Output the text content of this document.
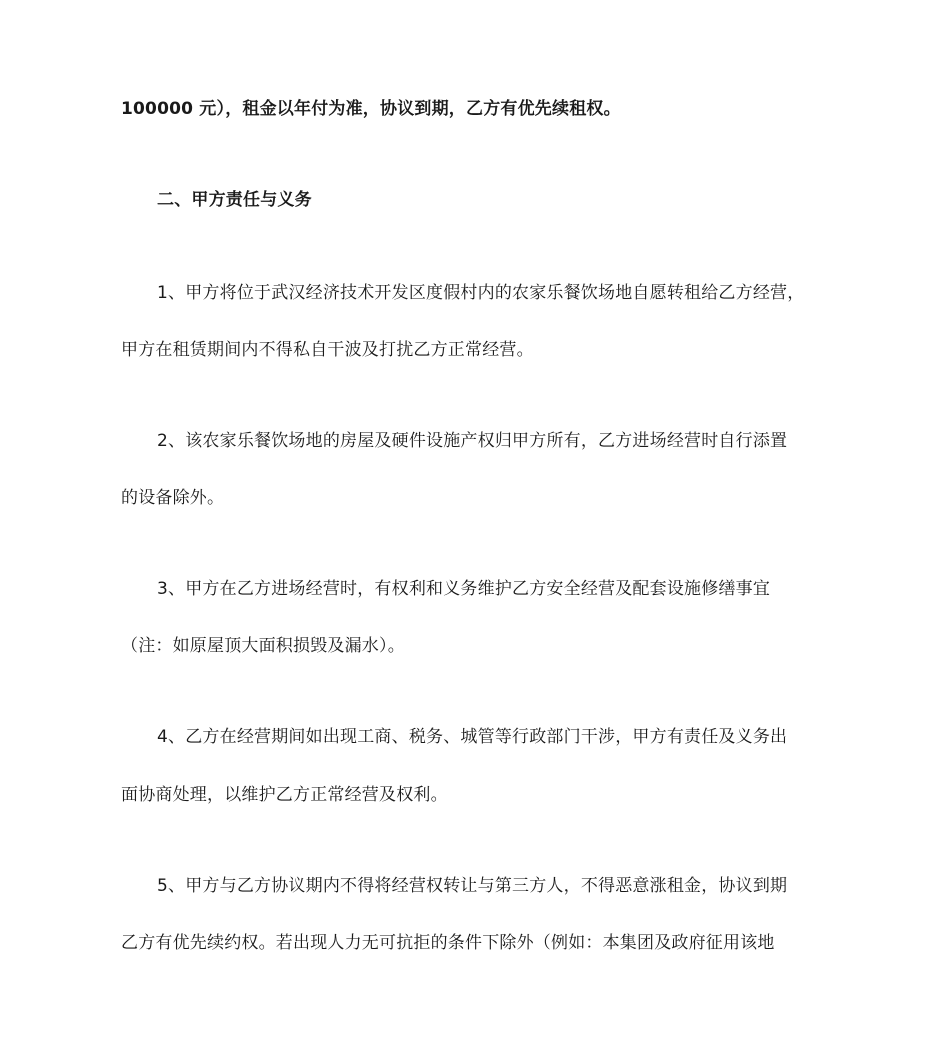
100000 元），租金以年付为准，协议到期，乙方有优先续租权。
二、甲方责任与义务
1、甲方将位于武汉经济技术开发区度假村内的农家乐餐饮场地自愿转租给乙方经营，
甲方在租赁期间内不得私自干波及打扰乙方正常经营。
2、该农家乐餐饮场地的房屋及硬件设施产权归甲方所有，乙方进场经营时自行添置
的设备除外。
3、甲方在乙方进场经营时，有权利和义务维护乙方安全经营及配套设施修缮事宜
（注：如原屋顶大面积损毁及漏水）。
4、乙方在经营期间如出现工商、税务、城管等行政部门干涉，甲方有责任及义务出
面协商处理，以维护乙方正常经营及权利。
5、甲方与乙方协议期内不得将经营权转让与第三方人，不得恶意涨租金，协议到期
乙方有优先续约权。若出现人力无可抗拒的条件下除外（例如：本集团及政府征用该地
